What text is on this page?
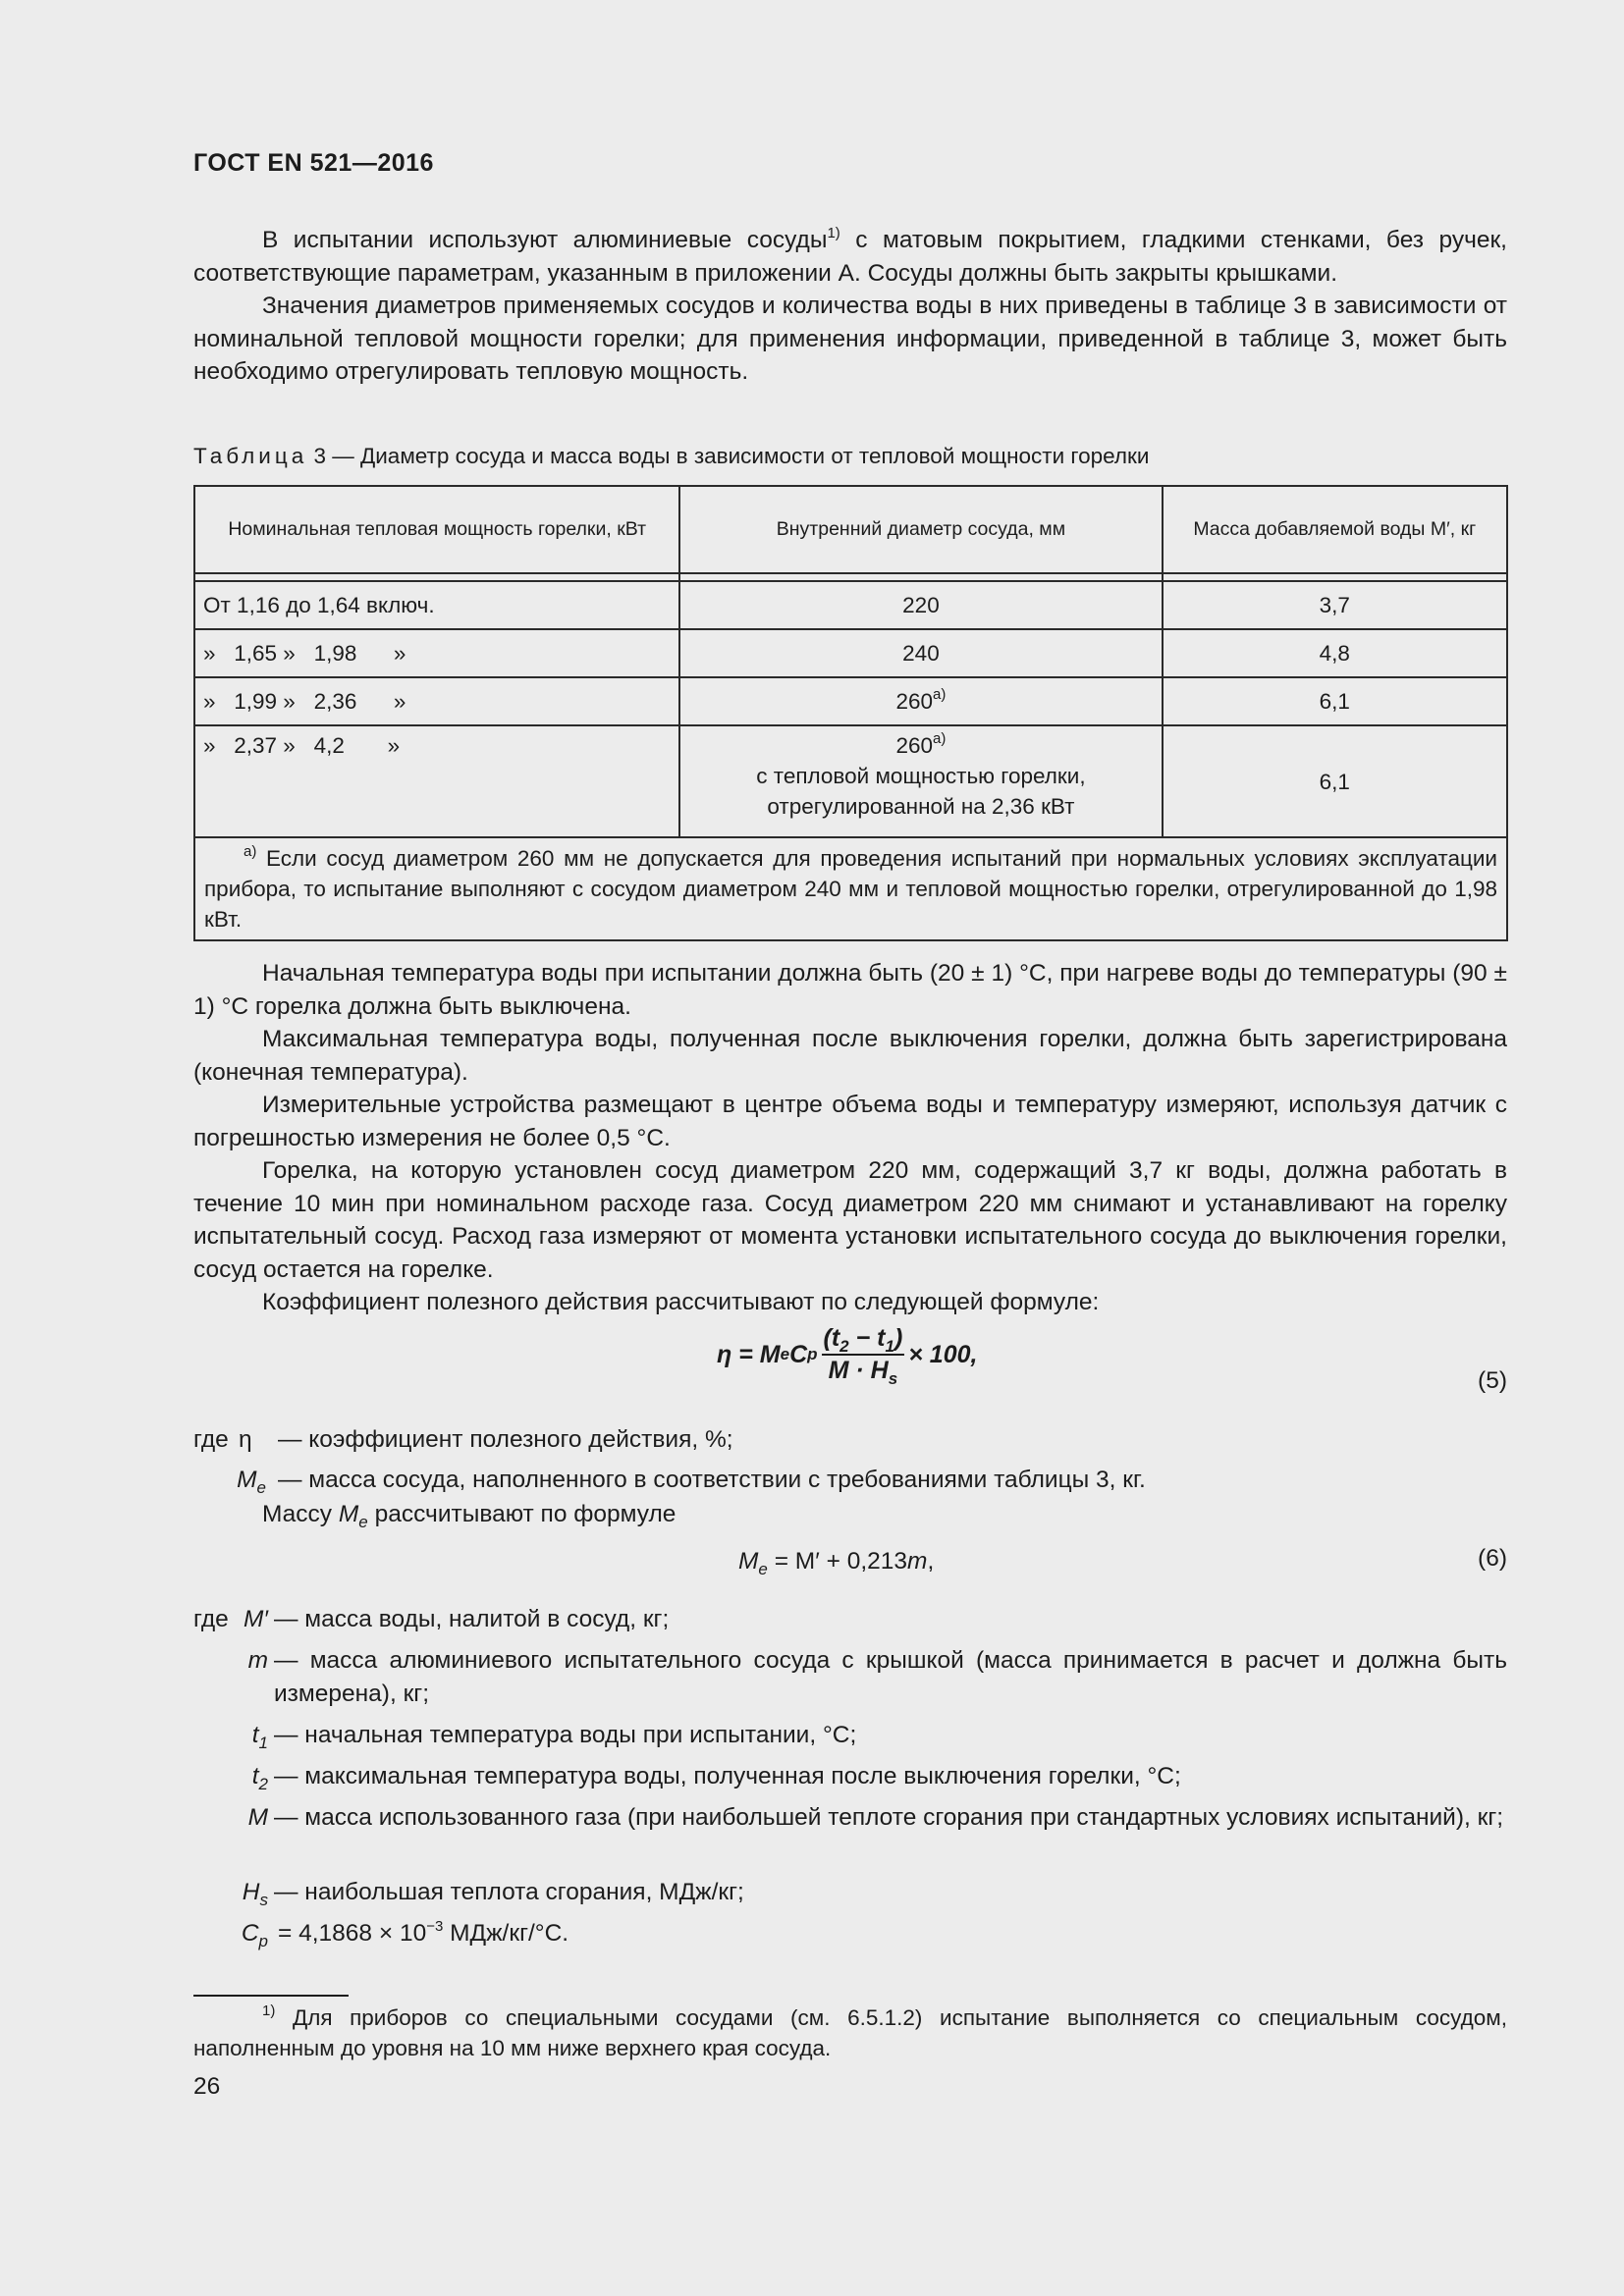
ГОСТ EN 521—2016

В испытании используют алюминиевые сосуды$^{1)}$ с матовым покрытием, гладкими стенками, без ручек, соответствующие параметрам, указанным в приложении А. Сосуды должны быть закрыты крышками.

Значения диаметров применяемых сосудов и количества воды в них приведены в таблице 3 в зависимости от номинальной тепловой мощности горелки; для применения информации, приведенной в таблице 3, может быть необходимо отрегулировать тепловую мощность.

Таблица 3 — Диаметр сосуда и масса воды в зависимости от тепловой мощности горелки
Номинальная тепловая мощность горелки, кВт	Внутренний диаметр сосуда, мм	Масса добавляемой воды M′, кг

От 1,16 до 1,64 включ.	220	3,7
»   1,65 »   1,98      »	240	4,8
»   1,99 »   2,36      »	260$^{a)}$	6,1
»   2,37 »   4,2       »	260$^{a)}$
с тепловой мощностью горелки,
отрегулированной на 2,36 кВт	6,1
$^{a)}$ Если сосуд диаметром 260 мм не допускается для проведения испытаний при нормальных условиях эксплуатации прибора, то испытание выполняют с сосудом диаметром 240 мм и тепловой мощностью горелки, отрегулированной до 1,98 кВт.		

Начальная температура воды при испытании должна быть (20 ± 1) °С, при нагреве воды до температуры (90 ± 1) °С горелка должна быть выключена.

Максимальная температура воды, полученная после выключения горелки, должна быть зарегистрирована (конечная температура).

Измерительные устройства размещают в центре объема воды и температуру измеряют, используя датчик с погрешностью измерения не более 0,5 °С.

Горелка, на которую установлен сосуд диаметром 220 мм, содержащий 3,7 кг воды, должна работать в течение 10 мин при номинальном расходе газа. Сосуд диаметром 220 мм снимают и устанавливают на горелку испытательный сосуд. Расход газа измеряют от момента установки испытательного сосуда до выключения горелки, сосуд остается на горелке.

Коэффициент полезного действия рассчитывают по следующей формуле:

η = M e C p $\frac{(t_2 - t_1)}{M \cdot H_s} \times 100$,
(5)
где η — коэффициент полезного действия, %;
$M_e$ — масса сосуда, наполненного в соответствии с требованиями таблицы 3, кг.
Массу $M_e$ рассчитывают по формуле
$M_e = M' + 0,213m$,	(6)
где M′ — масса воды, налитой в сосуд, кг;
m — масса алюминиевого испытательного сосуда с крышкой (масса принимается в расчет и должна быть измерена), кг;
$t_1$ — начальная температура воды при испытании, °С;
$t_2$ — максимальная температура воды, полученная после выключения горелки, °С;
M — масса использованного газа (при наибольшей теплоте сгорания при стандартных условиях испытаний), кг;
$H_s$ — наибольшая теплота сгорания, МДж/кг;
$C_p = 4,1868 \times 10^{-3}$ МДж/кг/°С.
$^{1)}$ Для приборов со специальными сосудами (см. 6.5.1.2) испытание выполняется со специальным сосудом, наполненным до уровня на 10 мм ниже верхнего края сосуда.
26
